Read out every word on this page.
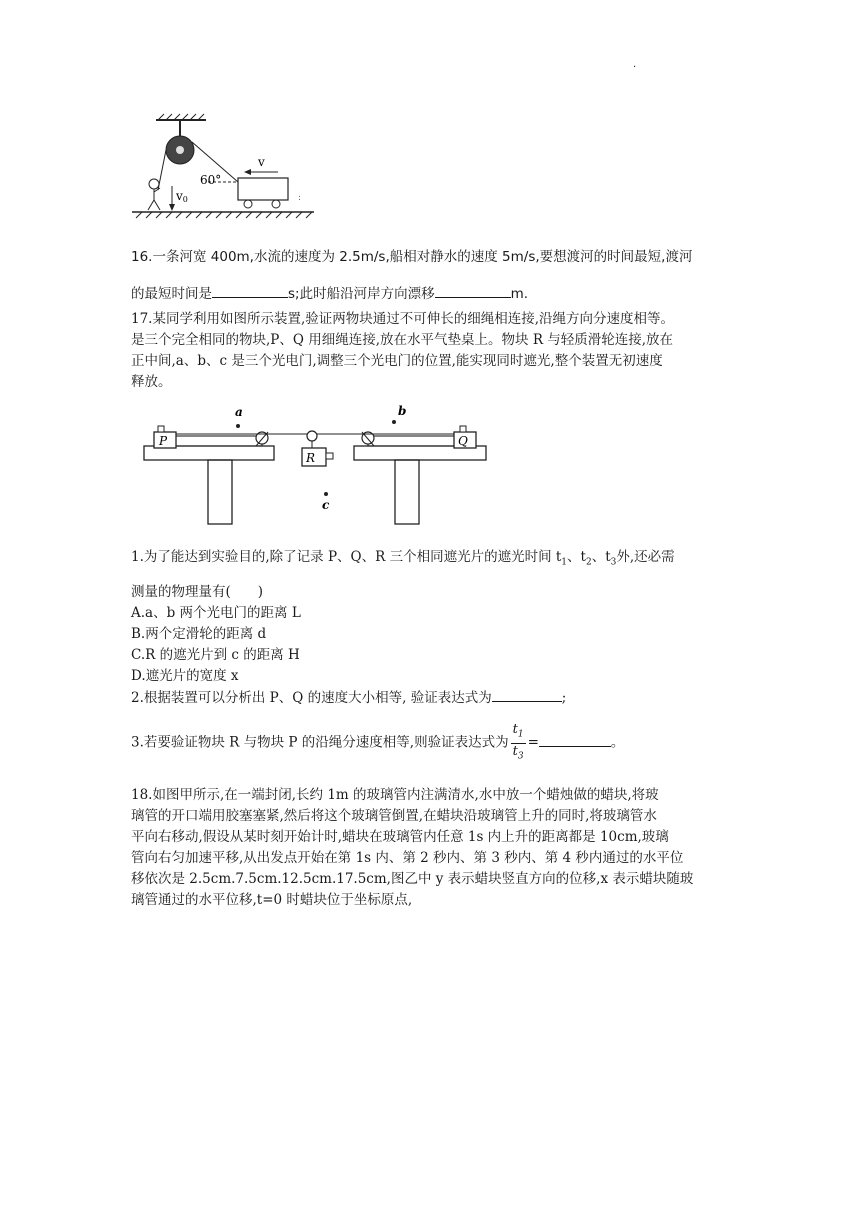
·
60°
v
:
v0
16.一条河宽 400m,水流的速度为 2.5m/s,船相对静水的速度 5m/s,要想渡河的时间最短,渡河
的最短时间是	s;此时船沿河岸方向漂移	m.
17.某同学利用如图所示装置,验证两物块通过不可伸长的细绳相连接,沿绳方向分速度相等。
是三个完全相同的物块,P、Q 用细绳连接,放在水平气垫桌上。物块 R 与轻质滑轮连接,放在
正中间,a、b、c 是三个光电门,调整三个光电门的位置,能实现同时遮光,整个装置无初速度
释放。
P	Q
R
a	b
c
1.为了能达到实验目的,除了记录 P、Q、R 三个相同遮光片的遮光时间 $t_1$、$t_2$、$t_3$外,还必需
测量的物理量有(　　)
A.a、b 两个光电门的距离 L
B.两个定滑轮的距离 d
C.R 的遮光片到 c 的距离 H
D.遮光片的宽度 x
2.根据装置可以分析出 P、Q 的速度大小相等, 验证表达式为	;
3.若要验证物块 R 与物块 P 的沿绳分速度相等,则验证表达式为 $\frac{t_1}{t_3}$ =	。
18.如图甲所示,在一端封闭,长约 1m 的玻璃管内注满清水,水中放一个蜡烛做的蜡块,将玻
璃管的开口端用胶塞塞紧,然后将这个玻璃管倒置,在蜡块沿玻璃管上升的同时,将玻璃管水
平向右移动,假设从某时刻开始计时,蜡块在玻璃管内任意 1s 内上升的距离都是 10cm,玻璃
管向右匀加速平移,从出发点开始在第 1s 内、第 2 秒内、第 3 秒内、第 4 秒内通过的水平位
移依次是 2.5cm.7.5cm.12.5cm.17.5cm,图乙中 y 表示蜡块竖直方向的位移,x 表示蜡块随玻
璃管通过的水平位移,t=0 时蜡块位于坐标原点,
